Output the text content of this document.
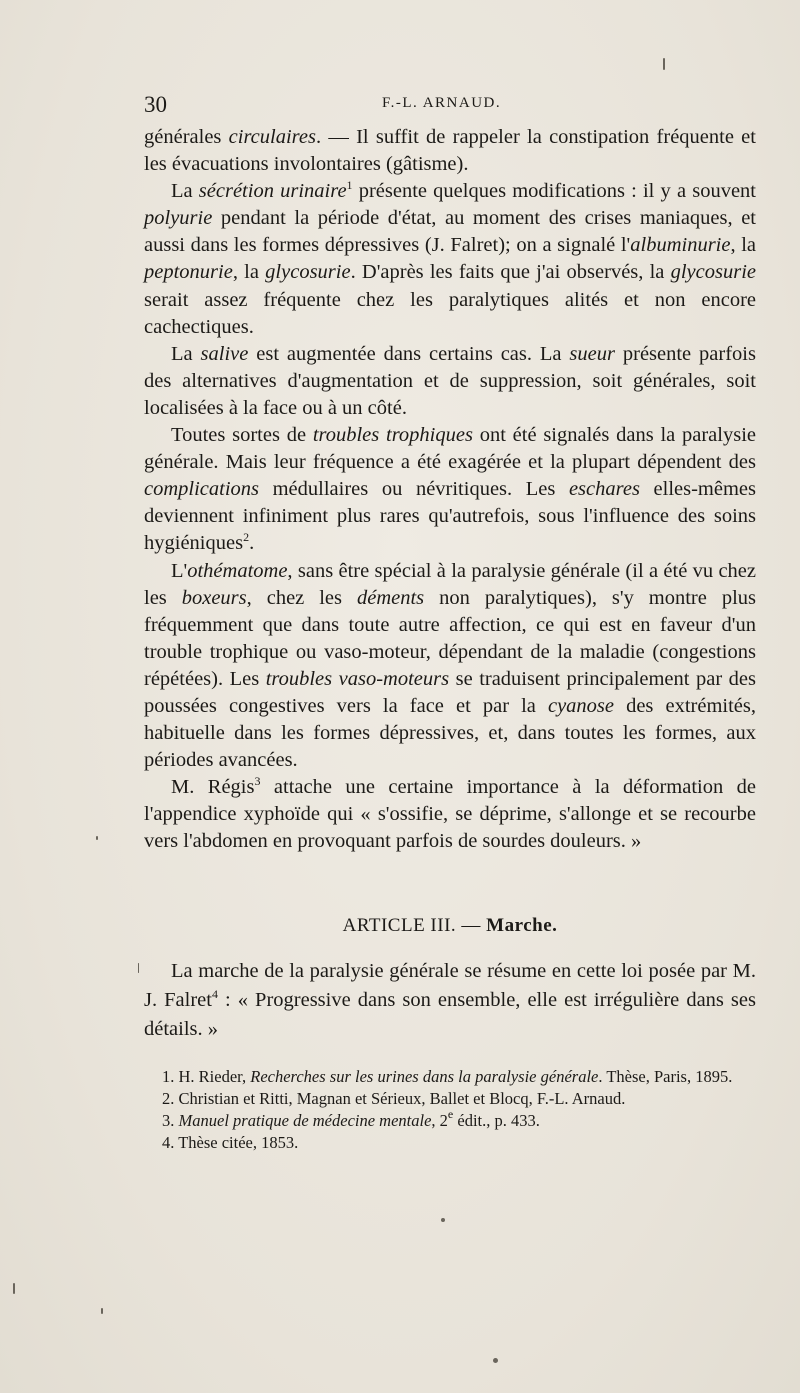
30	F.-L. ARNAUD.

générales circulaires. — Il suffit de rappeler la constipation fréquente et les évacuations involontaires (gâtisme).

La sécrétion urinaire$^1$ présente quelques modifications : il y a souvent polyurie pendant la période d'état, au moment des crises maniaques, et aussi dans les formes dépressives (J. Falret); on a signalé l'albuminurie, la peptonurie, la glycosurie. D'après les faits que j'ai observés, la glycosurie serait assez fréquente chez les paralytiques alités et non encore cachectiques.

La salive est augmentée dans certains cas. La sueur présente parfois des alternatives d'augmentation et de suppression, soit générales, soit localisées à la face ou à un côté.

Toutes sortes de troubles trophiques ont été signalés dans la paralysie générale. Mais leur fréquence a été exagérée et la plupart dépendent des complications médullaires ou névritiques. Les eschares elles-mêmes deviennent infiniment plus rares qu'autrefois, sous l'influence des soins hygiéniques$^2$.

L'othématome, sans être spécial à la paralysie générale (il a été vu chez les boxeurs, chez les déments non paralytiques), s'y montre plus fréquemment que dans toute autre affection, ce qui est en faveur d'un trouble trophique ou vaso-moteur, dépendant de la maladie (congestions répétées). Les troubles vaso-moteurs se traduisent principalement par des poussées congestives vers la face et par la cyanose des extrémités, habituelle dans les formes dépressives, et, dans toutes les formes, aux périodes avancées.

M. Régis$^3$ attache une certaine importance à la déformation de l'appendice xyphoïde qui « s'ossifie, se déprime, s'allonge et se recourbe vers l'abdomen en provoquant parfois de sourdes douleurs. »

ARTICLE III. — Marche.

La marche de la paralysie générale se résume en cette loi posée par M. J. Falret$^4$ : « Progressive dans son ensemble, elle est irrégulière dans ses détails. »

1. H. Rieder, Recherches sur les urines dans la paralysie générale. Thèse, Paris, 1895.

2. Christian et Ritti, Magnan et Sérieux, Ballet et Blocq, F.-L. Arnaud.

3. Manuel pratique de médecine mentale, 2e édit., p. 433.

4. Thèse citée, 1853.
